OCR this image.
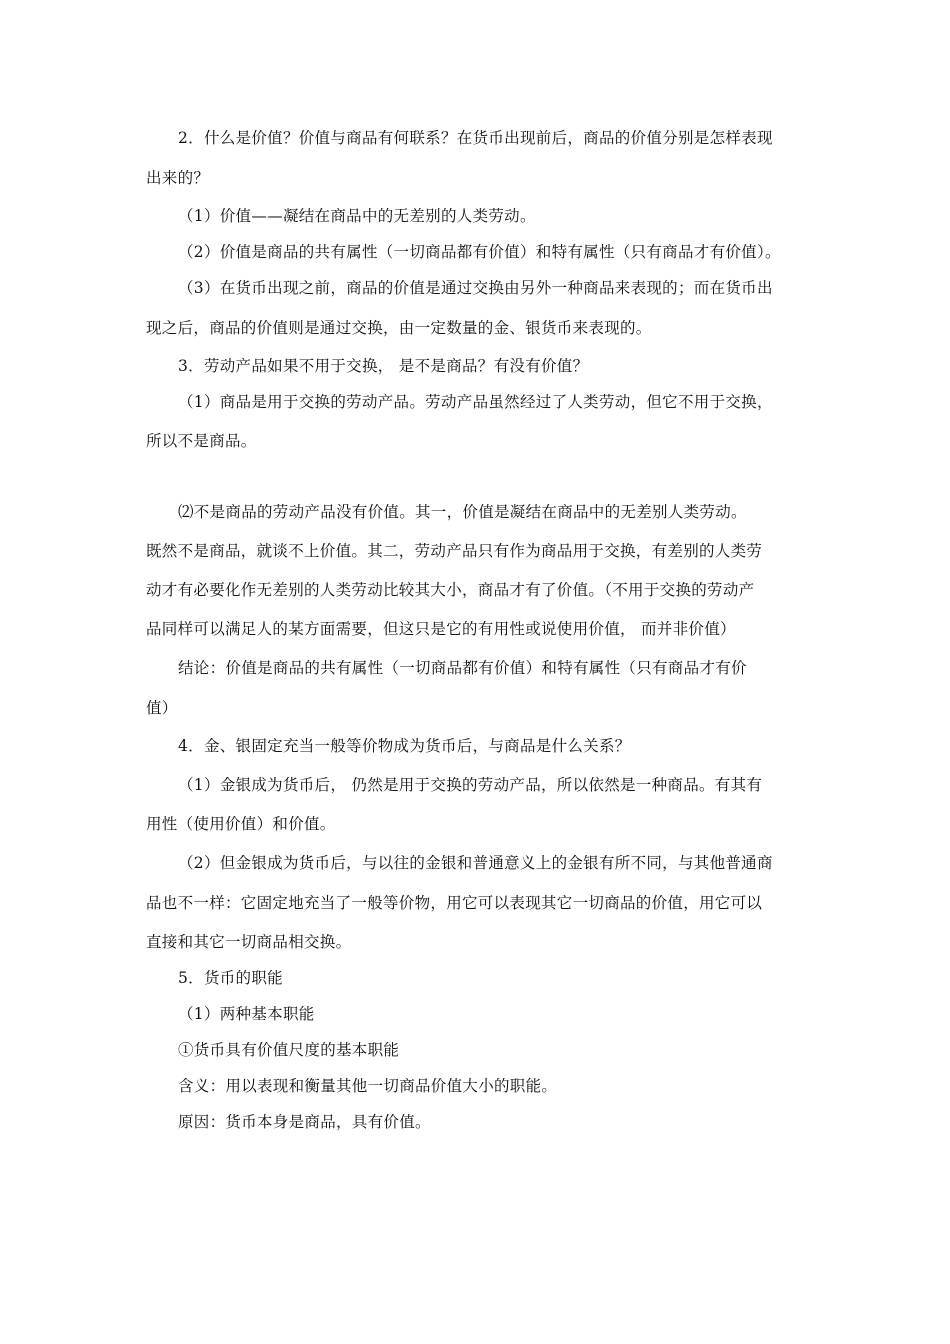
2．什么是价值？价值与商品有何联系？在货币出现前后，商品的价值分别是怎样表现
出来的？
（1）价值——凝结在商品中的无差别的人类劳动。
（2）价值是商品的共有属性（一切商品都有价值）和特有属性（只有商品才有价值）。
（3）在货币出现之前，商品的价值是通过交换由另外一种商品来表现的；而在货币出
现之后，商品的价值则是通过交换，由一定数量的金、银货币来表现的。
3．劳动产品如果不用于交换， 是不是商品？有没有价值？
（1）商品是用于交换的劳动产品。劳动产品虽然经过了人类劳动，但它不用于交换，
所以不是商品。
⑵不是商品的劳动产品没有价值。其一，价值是凝结在商品中的无差别人类劳动。
既然不是商品，就谈不上价值。其二，劳动产品只有作为商品用于交换，有差别的人类劳
动才有必要化作无差别的人类劳动比较其大小，商品才有了价值。（不用于交换的劳动产
品同样可以满足人的某方面需要，但这只是它的有用性或说使用价值， 而并非价值）
结论：价值是商品的共有属性（一切商品都有价值）和特有属性（只有商品才有价
值）
4．金、银固定充当一般等价物成为货币后，与商品是什么关系？
（1）金银成为货币后， 仍然是用于交换的劳动产品，所以依然是一种商品。有其有
用性（使用价值）和价值。
（2）但金银成为货币后，与以往的金银和普通意义上的金银有所不同，与其他普通商
品也不一样：它固定地充当了一般等价物，用它可以表现其它一切商品的价值，用它可以
直接和其它一切商品相交换。
5．货币的职能
（1）两种基本职能
①货币具有价值尺度的基本职能
含义：用以表现和衡量其他一切商品价值大小的职能。
原因：货币本身是商品，具有价值。
